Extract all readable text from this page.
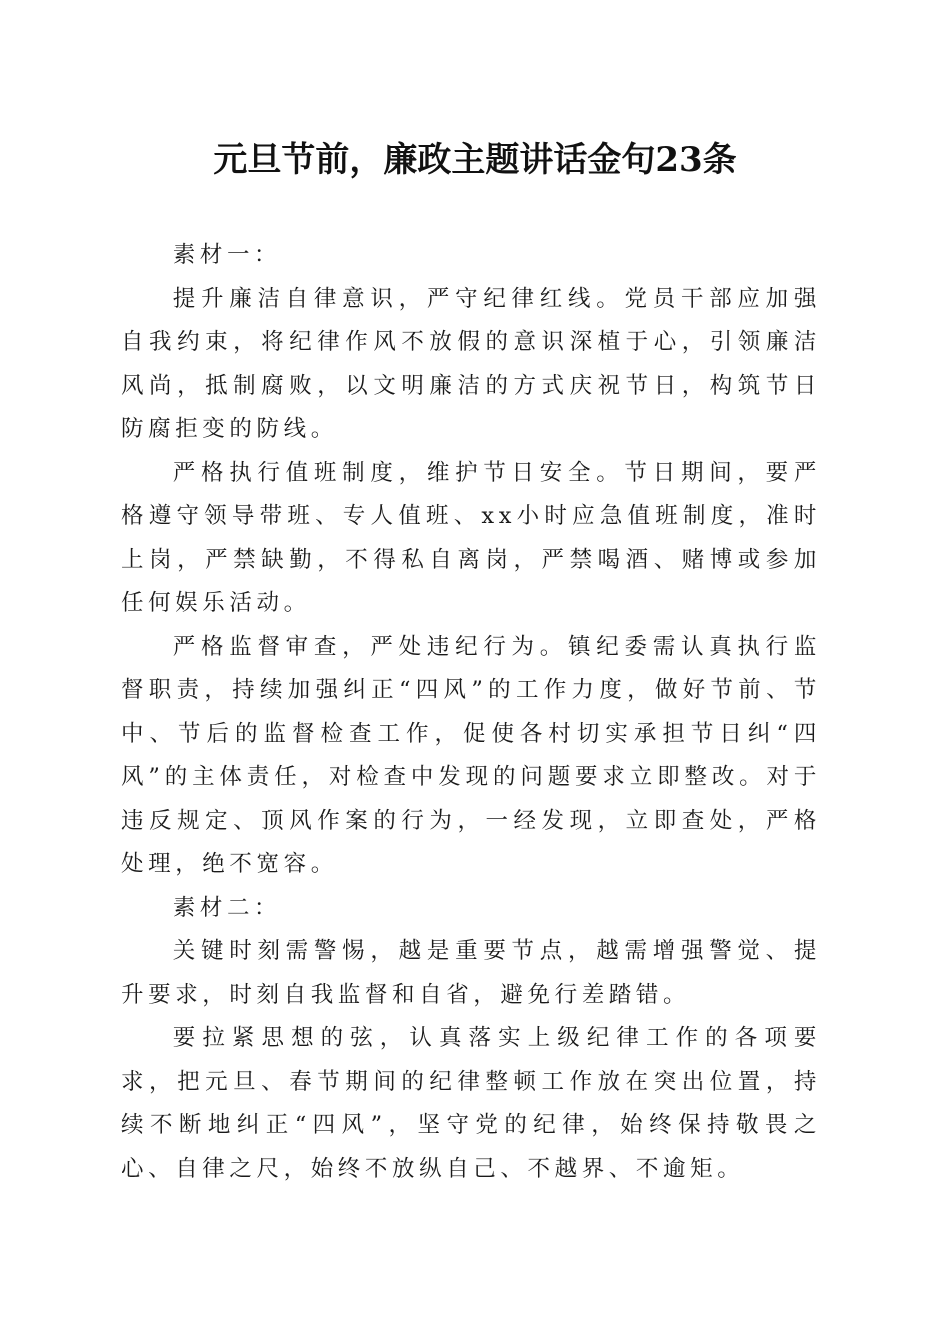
元旦节前，廉政主题讲话金句23条

素材一：

提升廉洁自律意识，严守纪律红线。党员干部应加强自我约束，将纪律作风不放假的意识深植于心，引领廉洁风尚，抵制腐败，以文明廉洁的方式庆祝节日，构筑节日防腐拒变的防线。

严格执行值班制度，维护节日安全。节日期间，要严格遵守领导带班、专人值班、xx小时应急值班制度，准时上岗，严禁缺勤，不得私自离岗，严禁喝酒、赌博或参加任何娱乐活动。

严格监督审查，严处违纪行为。镇纪委需认真执行监督职责，持续加强纠正“四风”的工作力度，做好节前、节中、节后的监督检查工作，促使各村切实承担节日纠“四风”的主体责任，对检查中发现的问题要求立即整改。对于违反规定、顶风作案的行为，一经发现，立即查处，严格处理，绝不宽容。

素材二：

关键时刻需警惕，越是重要节点，越需增强警觉、提升要求，时刻自我监督和自省，避免行差踏错。

要拉紧思想的弦，认真落实上级纪律工作的各项要求，把元旦、春节期间的纪律整顿工作放在突出位置，持续不断地纠正“四风”，坚守党的纪律，始终保持敬畏之心、自律之尺，始终不放纵自己、不越界、不逾矩。
